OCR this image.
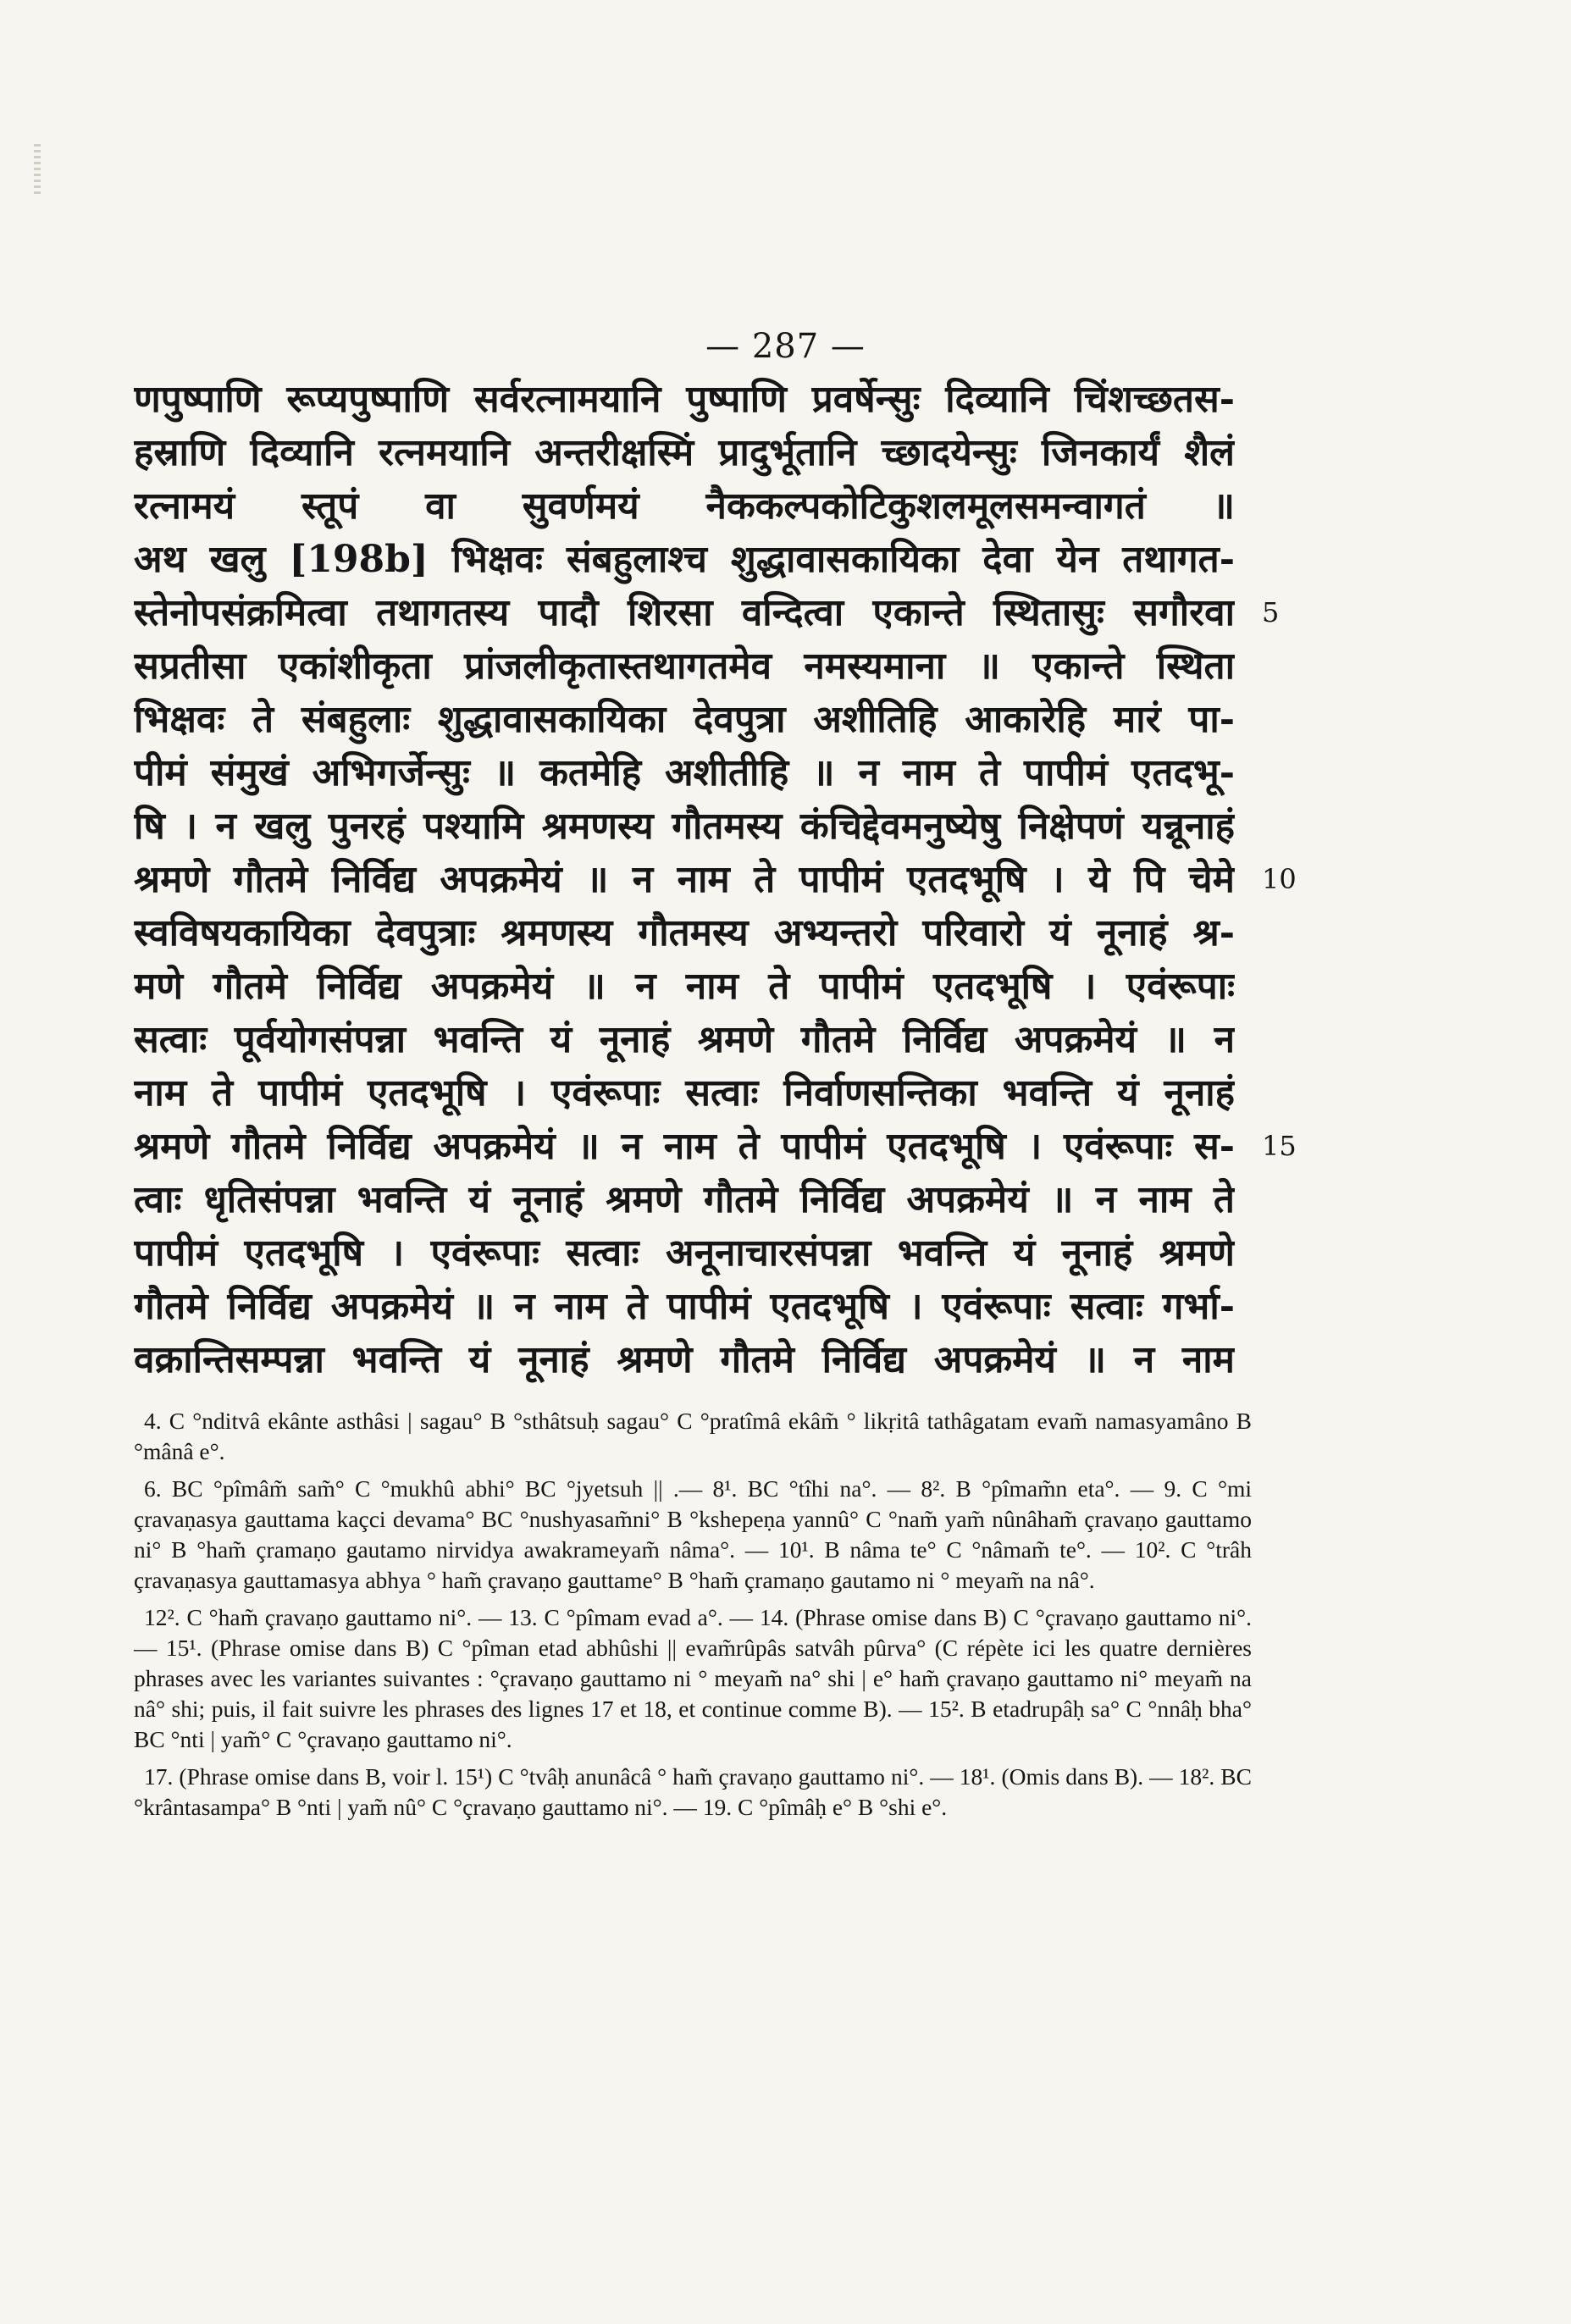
— 287 —
णपुष्पाणि रूप्यपुष्पाणि सर्वरत्नामयानि पुष्पाणि प्रवर्षेन्सुः दिव्यानि चिंशच्छतस-
हस्राणि दिव्यानि रत्नमयानि अन्तरीक्षस्मिं प्रादुर्भूतानि च्छादयेन्सुः जिनकार्यं शैलं
रत्नामयं स्तूपं वा सुवर्णमयं नैककल्पकोटिकुशलमूलसमन्वागतं ॥
अथ खलु [198b] भिक्षवः संबहुलाश्च शुद्धावासकायिका देवा येन तथागत-
स्तेनोपसंक्रमित्वा तथागतस्य पादौ शिरसा वन्दित्वा एकान्ते स्थितासुः सगौरवा
सप्रतीसा एकांशीकृता प्रांजलीकृतास्तथागतमेव नमस्यमाना ॥ एकान्ते स्थिता
भिक्षवः ते संबहुलाः शुद्धावासकायिका देवपुत्रा अशीतिहि आकारेहि मारं पा-
पीमं संमुखं अभिगर्जेन्सुः ॥ कतमेहि अशीतीहि ॥ न नाम ते पापीमं एतदभू-
षि । न खलु पुनरहं पश्यामि श्रमणस्य गौतमस्य कंचिद्देवमनुष्येषु निक्षेपणं यन्नूनाहं
श्रमणे गौतमे निर्विद्य अपक्रमेयं ॥ न नाम ते पापीमं एतदभूषि । ये पि चेमे
स्वविषयकायिका देवपुत्राः श्रमणस्य गौतमस्य अभ्यन्तरो परिवारो यं नूनाहं श्र-
मणे गौतमे निर्विद्य अपक्रमेयं ॥ न नाम ते पापीमं एतदभूषि । एवंरूपाः
सत्वाः पूर्वयोगसंपन्ना भवन्ति यं नूनाहं श्रमणे गौतमे निर्विद्य अपक्रमेयं ॥ न
नाम ते पापीमं एतदभूषि । एवंरूपाः सत्वाः निर्वाणसन्तिका भवन्ति यं नूनाहं
श्रमणे गौतमे निर्विद्य अपक्रमेयं ॥ न नाम ते पापीमं एतदभूषि । एवंरूपाः स-
त्वाः धृतिसंपन्ना भवन्ति यं नूनाहं श्रमणे गौतमे निर्विद्य अपक्रमेयं ॥ न नाम ते
पापीमं एतदभूषि । एवंरूपाः सत्वाः अनूनाचारसंपन्ना भवन्ति यं नूनाहं श्रमणे
गौतमे निर्विद्य अपक्रमेयं ॥ न नाम ते पापीमं एतदभूषि । एवंरूपाः सत्वाः गर्भा-
वक्रान्तिसम्पन्ना भवन्ति यं नूनाहं श्रमणे गौतमे निर्विद्य अपक्रमेयं ॥ न नाम
5
10
15

4. C °nditvâ ekânte asthâsi | sagau° B °sthâtsuḥ sagau° C °pratîmâ ekâm̃ ° likṛitâ tathâgatam evam̃ namasyamâno B °mânâ e°.

6. BC °pîmâm̃ sam̃° C °mukhû abhi° BC °jyetsuh || .— 8¹. BC °tîhi na°. — 8². B °pîmam̃n eta°. — 9. C °mi çravaṇasya gauttama kaçci devama° BC °nushyasam̃ni° B °kshepeṇa yannû° C °nam̃ yam̃ nûnâham̃ çravaṇo gauttamo ni° B °ham̃ çramaṇo gautamo nirvidya awakrameyam̃ nâma°. — 10¹. B nâma te° C °nâmam̃ te°. — 10². C °trâh çravaṇasya gauttamasya abhya ° ham̃ çravaṇo gauttame° B °ham̃ çramaṇo gautamo ni ° meyam̃ na nâ°.

12². C °ham̃ çravaṇo gauttamo ni°. — 13. C °pîmam evad a°. — 14. (Phrase omise dans B) C °çravaṇo gauttamo ni°. — 15¹. (Phrase omise dans B) C °pîman etad abhûshi || evam̃rûpâs satvâh pûrva° (C répète ici les quatre dernières phrases avec les variantes suivantes : °çravaṇo gauttamo ni ° meyam̃ na° shi | e° ham̃ çravaṇo gauttamo ni° meyam̃ na nâ° shi; puis, il fait suivre les phrases des lignes 17 et 18, et continue comme B). — 15². B etadrupâḥ sa° C °nnâḥ bha° BC °nti | yam̃° C °çravaṇo gauttamo ni°.

17. (Phrase omise dans B, voir l. 15¹) C °tvâḥ anunâcâ ° ham̃ çravaṇo gauttamo ni°. — 18¹. (Omis dans B). — 18². BC °krântasampa° B °nti | yam̃ nû° C °çravaṇo gauttamo ni°. — 19. C °pîmâḥ e° B °shi e°.
